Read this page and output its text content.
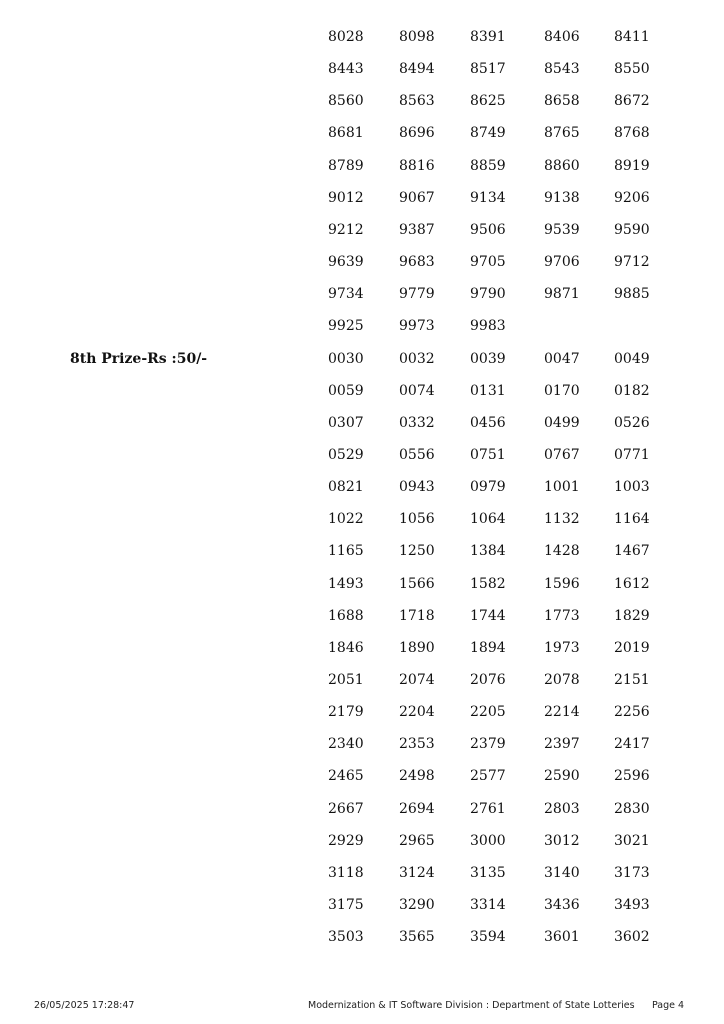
8028	8098	8391	8406 8411
8443	8494	8517	8543 8550
8560	8563	8625	8658 8672
8681	8696	8749	8765 8768
8789	8816	8859	8860 8919
9012	9067	9134	9138 9206
9212	9387	9506	9539 9590
9639	9683	9705	9706 9712
9734	9779	9790	9871 9885
9925	9973	9983
8th Prize-Rs :50/-	0030	0032	0039	0047 0049
0059	0074	0131	0170 0182
0307	0332	0456	0499 0526
0529	0556	0751	0767 0771
0821	0943	0979	1001 1003
1022	1056	1064	1132 1164
1165	1250	1384	1428 1467
1493	1566	1582	1596 1612
1688	1718	1744	1773 1829
1846	1890	1894	1973 2019
2051	2074	2076	2078 2151
2179	2204	2205	2214 2256
2340	2353	2379	2397 2417
2465	2498	2577	2590 2596
2667	2694	2761	2803 2830
2929	2965	3000	3012 3021
3118	3124	3135	3140 3173
3175	3290	3314	3436 3493
3503	3565	3594	3601 3602
26/05/2025 17:28:47	Modernization & IT Software Division : Department of State Lotteries Page 4
